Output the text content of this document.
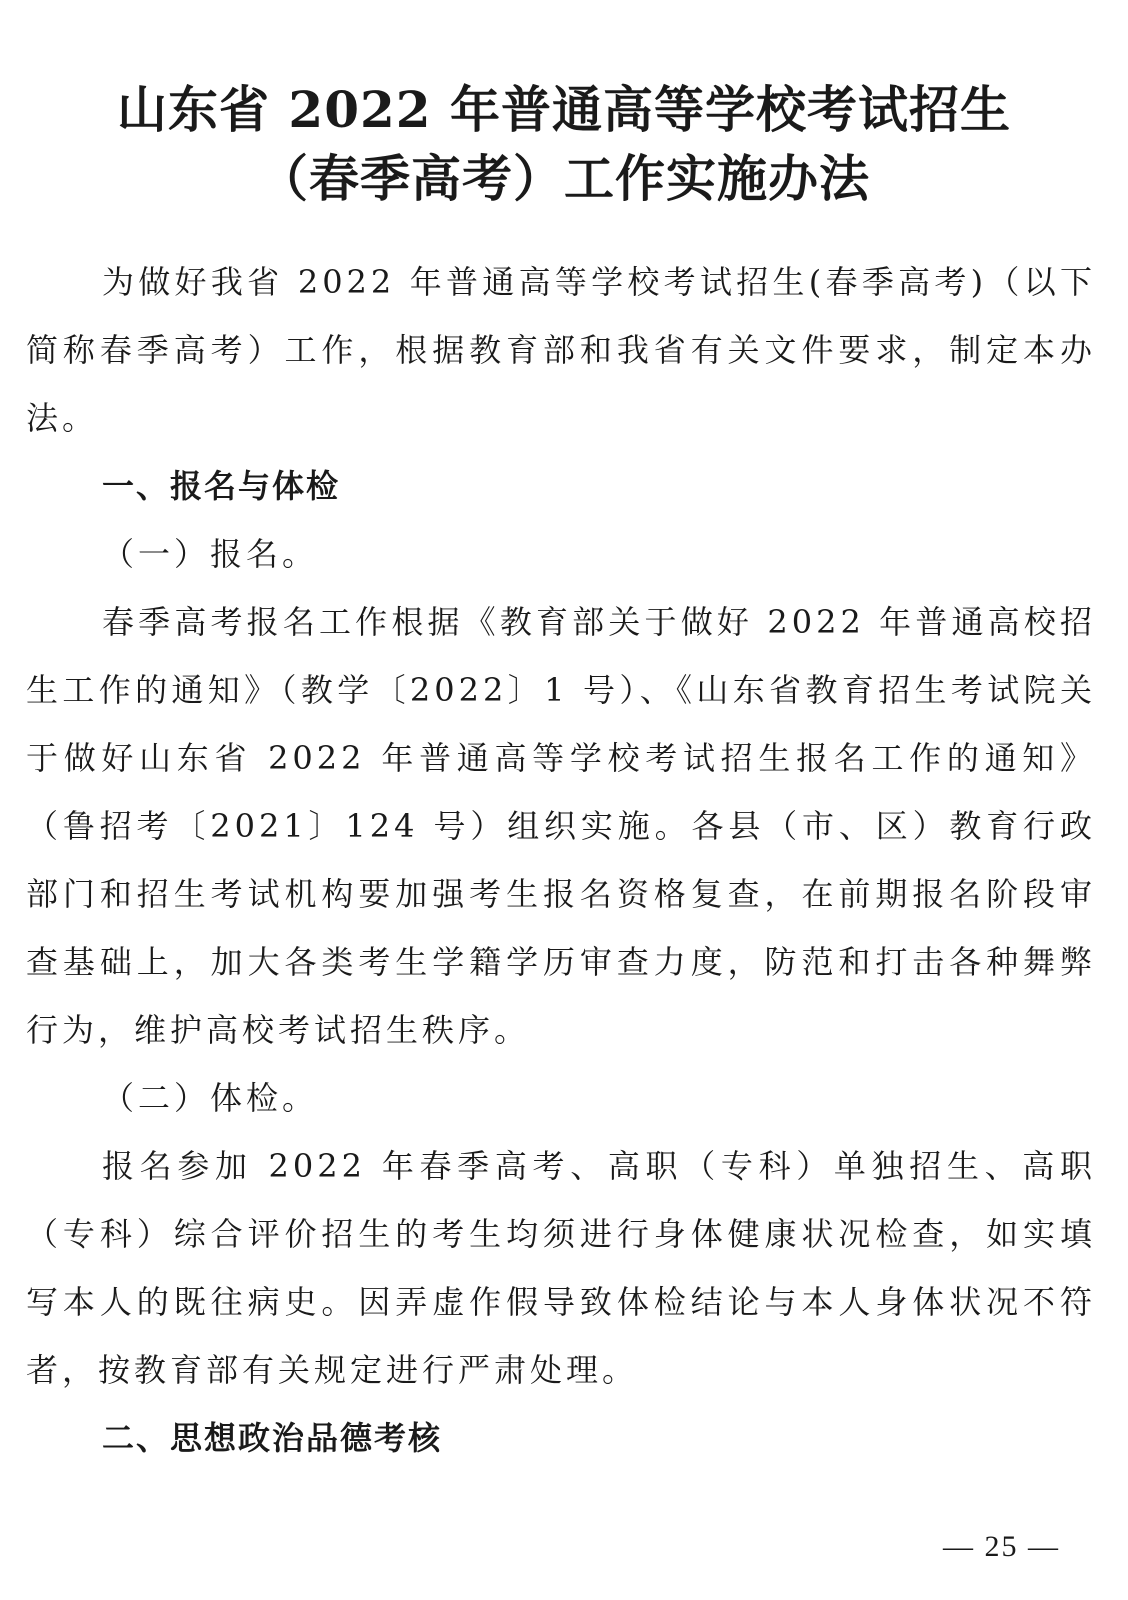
山东省 2022 年普通高等学校考试招生
（春季高考）工作实施办法

为做好我省 2022 年普通高等学校考试招生(春季高考)（以下简称春季高考）工作，根据教育部和我省有关文件要求，制定本办法。

一、报名与体检

（一）报名。

春季高考报名工作根据《教育部关于做好 2022 年普通高校招生工作的通知》（教学〔2022〕1 号）、《山东省教育招生考试院关于做好山东省 2022 年普通高等学校考试招生报名工作的通知》（鲁招考〔2021〕124 号）组织实施。各县（市、区）教育行政部门和招生考试机构要加强考生报名资格复查，在前期报名阶段审查基础上，加大各类考生学籍学历审查力度，防范和打击各种舞弊行为，维护高校考试招生秩序。

（二）体检。

报名参加 2022 年春季高考、高职（专科）单独招生、高职（专科）综合评价招生的考生均须进行身体健康状况检查，如实填写本人的既往病史。因弄虚作假导致体检结论与本人身体状况不符者，按教育部有关规定进行严肃处理。

二、思想政治品德考核

— 25 —
